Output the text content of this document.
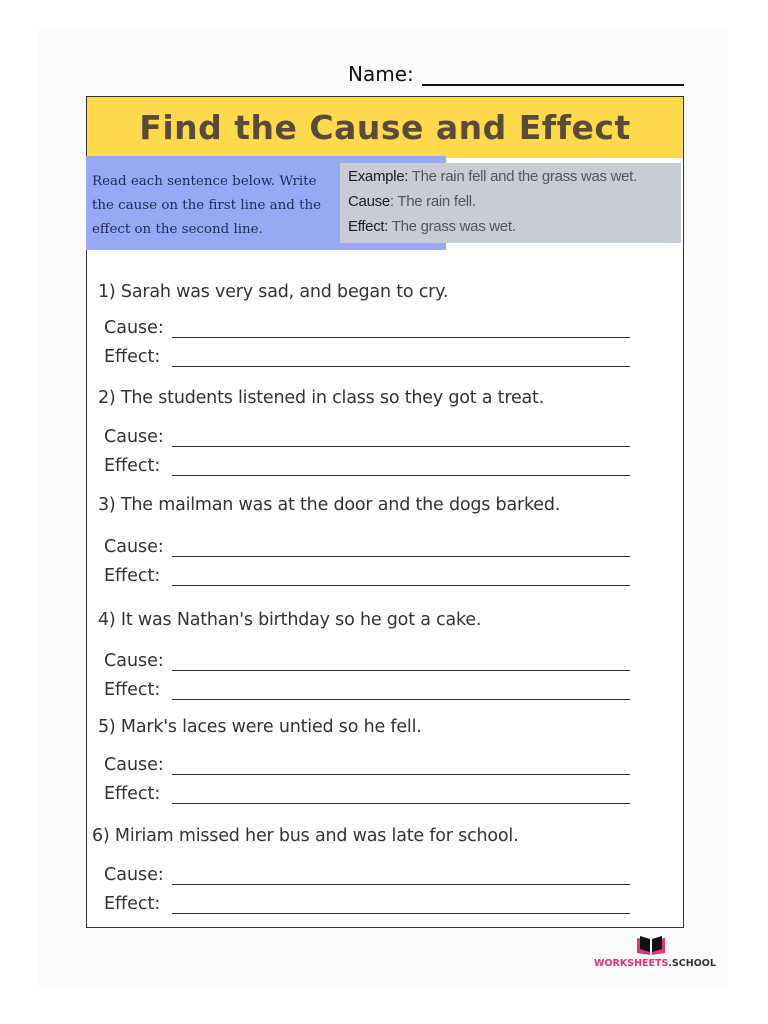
Name:
Find the Cause and Effect

Read each sentence below. Write the cause on the first line and the effect on the second line.

Example: The rain fell and the grass was wet.
Cause: The rain fell.
Effect: The grass was wet.
1) Sarah was very sad, and began to cry.
Cause:
Effect:
2) The students listened in class so they got a treat.
Cause:
Effect:
3) The mailman was at the door and the dogs barked.
Cause:
Effect:
4) It was Nathan's birthday so he got a cake.
Cause:
Effect:
5) Mark's laces were untied so he fell.
Cause:
Effect:
6) Miriam missed her bus and was late for school.
Cause:
Effect:
WORKSHEETS.SCHOOL
